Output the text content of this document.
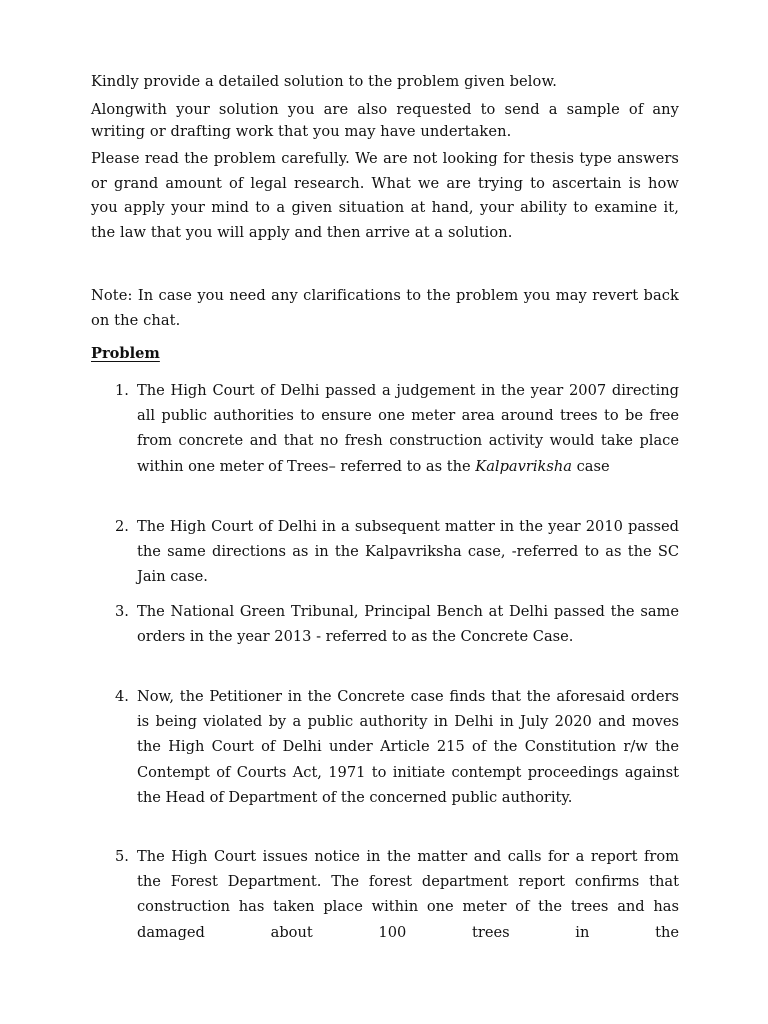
Kindly provide a detailed solution to the problem given below.

Alongwith your solution you are also requested to send a sample of any writing or drafting work that you may have undertaken.

Please read the problem carefully. We are not looking for thesis type answers or grand amount of legal research. What we are trying to ascertain is how you apply your mind to a given situation at hand, your ability to examine it, the law that you will apply and then arrive at a solution.

Note: In case you need any clarifications to the problem you may revert back on the chat.

Problem

1. The High Court of Delhi passed a judgement in the year 2007 directing all public authorities to ensure one meter area around trees to be free from concrete and that no fresh construction activity would take place within one meter of Trees– referred to as the Kalpavriksha case
2. The High Court of Delhi in a subsequent matter in the year 2010 passed the same directions as in the Kalpavriksha case, -referred to as the SC Jain case.
3. The National Green Tribunal, Principal Bench at Delhi passed the same orders in the year 2013 - referred to as the Concrete Case.
4. Now, the Petitioner in the Concrete case finds that the aforesaid orders is being violated by a public authority in Delhi in July 2020 and moves the High Court of Delhi under Article 215 of the Constitution r/w the Contempt of Courts Act, 1971 to initiate contempt proceedings against the Head of Department of the concerned public authority.
5. The High Court issues notice in the matter and calls for a report from the Forest Department. The forest department report confirms that construction has taken place within one meter of the trees and has damaged about 100 trees in the
